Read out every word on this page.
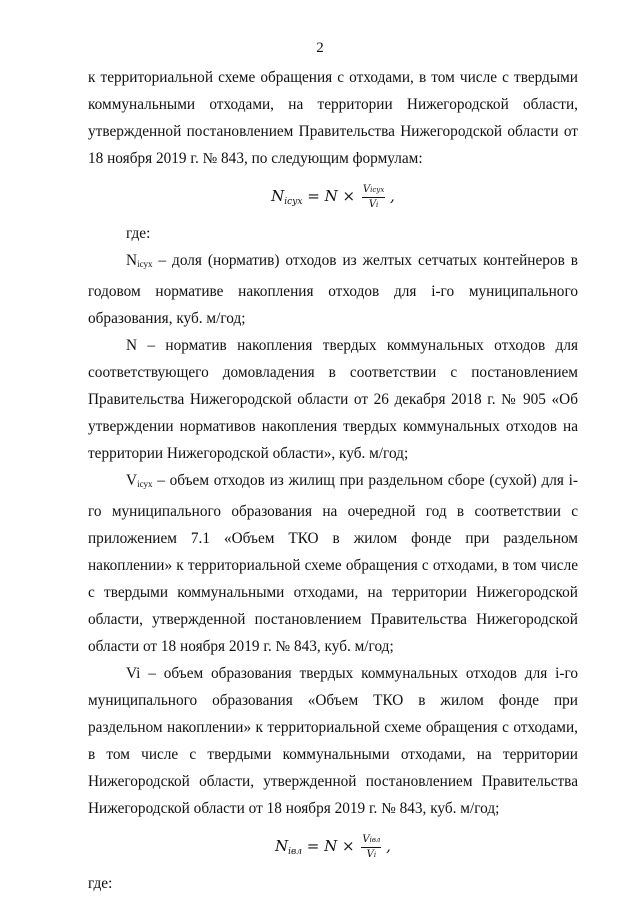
2

к территориальной схеме обращения с отходами, в том числе с твердыми коммунальными отходами, на территории Нижегородской области, утвержденной постановлением Правительства Нижегородской области от 18 ноября 2019 г. № 843, по следующим формулам:

$N_{iсух} = N \times \frac{\text{Viсух}}{Vi}$ ,

где:

Niсух – доля (норматив) отходов из желтых сетчатых контейнеров в годовом нормативе накопления отходов для i-го муниципального образования, куб. м/год;

N – норматив накопления твердых коммунальных отходов для соответствующего домовладения в соответствии с постановлением Правительства Нижегородской области от 26 декабря 2018 г. № 905 «Об утверждении нормативов накопления твердых коммунальных отходов на территории Нижегородской области», куб. м/год;

Viсух – объем отходов из жилищ при раздельном сборе (сухой) для i-го муниципального образования на очередной год в соответствии с приложением 7.1 «Объем ТКО в жилом фонде при раздельном накоплении» к территориальной схеме обращения с отходами, в том числе с твердыми коммунальными отходами, на территории Нижегородской области, утвержденной постановлением Правительства Нижегородской области от 18 ноября 2019 г. № 843, куб. м/год;

Vi – объем образования твердых коммунальных отходов для i-го муниципального образования «Объем ТКО в жилом фонде при раздельном накоплении» к территориальной схеме обращения с отходами, в том числе с твердыми коммунальными отходами, на территории Нижегородской области, утвержденной постановлением Правительства Нижегородской области от 18 ноября 2019 г. № 843, куб. м/год;

$N_{iвл} = N \times \frac{\text{Viвл}}{Vi}$ ,

где:
